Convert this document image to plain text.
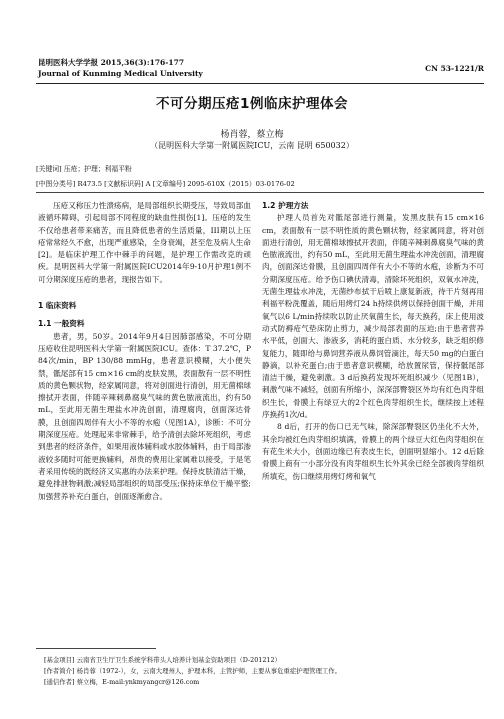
昆明医科大学学报 2015,36(3):176-177
Journal of Kunming Medical University
CN 53-1221/R
不可分期压疮1例临床护理体会
杨肖蓉，蔡立梅
（昆明医科大学第一附属医院ICU，云南 昆明 650032）
[关键词] 压疮；护理；利福平粉
[中图分类号] R473.5 [文献标识码] A [文章编号] 2095-610X（2015）03-0176-02

压疮又称压力性溃疡病，是局部组织长期受压，导致局部血液循环障碍，引起局部不同程度的缺血性损伤[1]。压疮的发生不仅给患者带来痛苦，而且降低患者的生活质量，III期以上压疮常常经久不愈，出现严重感染，全身衰竭，甚至危及病人生命[2]。是临床护理工作中棘手的问题，是护理工作需改克的顽疾。昆明医科大学第一附属医院ICU2014年9-10月护理1例不可分期深度压疮的患者，现报告如下。

1 临床资料

1.1 一般资料

患者，男，50岁。2014年9月4日因肺部感染，不可分期压疮收住昆明医科大学第一附属医院ICU。查体：T 37.2℃，P 84次/min，BP 130/88 mmHg，患者意识模糊，大小便失禁，骶尾部有15 cm×16 cm的皮肤发黑，表面散有一层不明性质的黄色颗状物，经家属同意，将对创面进行清创，用无菌棉球擦拭开表面，伴随辛辣刺鼻腐臭气味的黄色脓液流出，约有50 mL，至此用无菌生理盐水冲洗创面，清理腐肉，创面深达骨膜，且创面四周伴有大小不等的水疱（见图1A），诊断：不可分期深度压疮。处理起来非常棘手，给予清创去除坏死组织，考虑到患者的经济条件，如果用液体辅料或水胶体辅料，由于局部渗液较多随时可能更换辅料，昂贵的费用让家属难以接受，于是笔者采用传统的既经济又实惠的办法来护理。保持皮肤清洁干燥，避免排泄物刺激;减轻局部组织的局部受压;保持床单位干燥平整;加强营养补充白蛋白，创面逐渐愈合。

1.2 护理方法

护理人员首先对骶尾部进行测量，发黑皮肤有15 cm×16 cm，表面散有一层不明性质的黄色颗状物，经家属同意，将对创面进行清创，用无菌棉球擦拭开表面，伴随辛辣刺鼻腐臭气味的黄色脓液流出，约有50 mL，至此用无菌生理盐水冲洗创面，清理腐肉，创面深达骨膜，且创面四周伴有大小不等的水疱，诊断为不可分期深度压疮。给予伤口碘伏清毒，清除坏死组织，双氧水冲洗，无菌生理盐水冲洗，无菌纱布拭干后喷上康复新液，待干片刻再用利福平粉洗覆盖，随后用烤灯24 h持续供烤以保持创面干燥，并用氧气以6 L/min持续吹以防止厌氧菌生长，每天换药，床上使用波动式防褥疮气垫床防止剪力，减少局部表面的压迫;由于患者营养水平低，创面大、渗液多，消耗的蛋白质、水分较多，缺乏组织修复能力，随即给与鼻饲营养液从鼻饲管滴注，每天50 mg的白蛋白静滴，以补充蛋白;由于患者意识模糊，给放置尿管，保持骶尾部清洁干燥，避免刺激。3 d后换药发现坏死组织减少（见图1B），刺激气味不减轻，创面有所缩小，深深部臀裂区外均有红色肉芽组织生长，骨膜上有绿豆大的2个红色肉芽组织生长，继续按上述程序换药1次/d。

8 d后，打开的伤口已无气味，除深部臀裂区仍坐化不大外，其余均被红色肉芽组织填满，骨膜上的两个绿豆大红色肉芽组织在有花生米大小，创面边缘已有表皮生长，创面明显缩小。12 d后除骨膜上商有一小部分没有肉芽组织生长外其余已经全部被肉芽组织所填充，伤口继续用烤灯烤和氧气

[基金项目] 云南省卫生厅卫生系统学科带头人培养计划基金资助项目（D-201212）
[作者简介] 杨肖蓉（1972-），女，云南大理州人，护理本科，主管护师，主要从事危重症护理管理工作。
[通信作者] 蔡立梅，E-mail:ynkmyangcr@126.com
